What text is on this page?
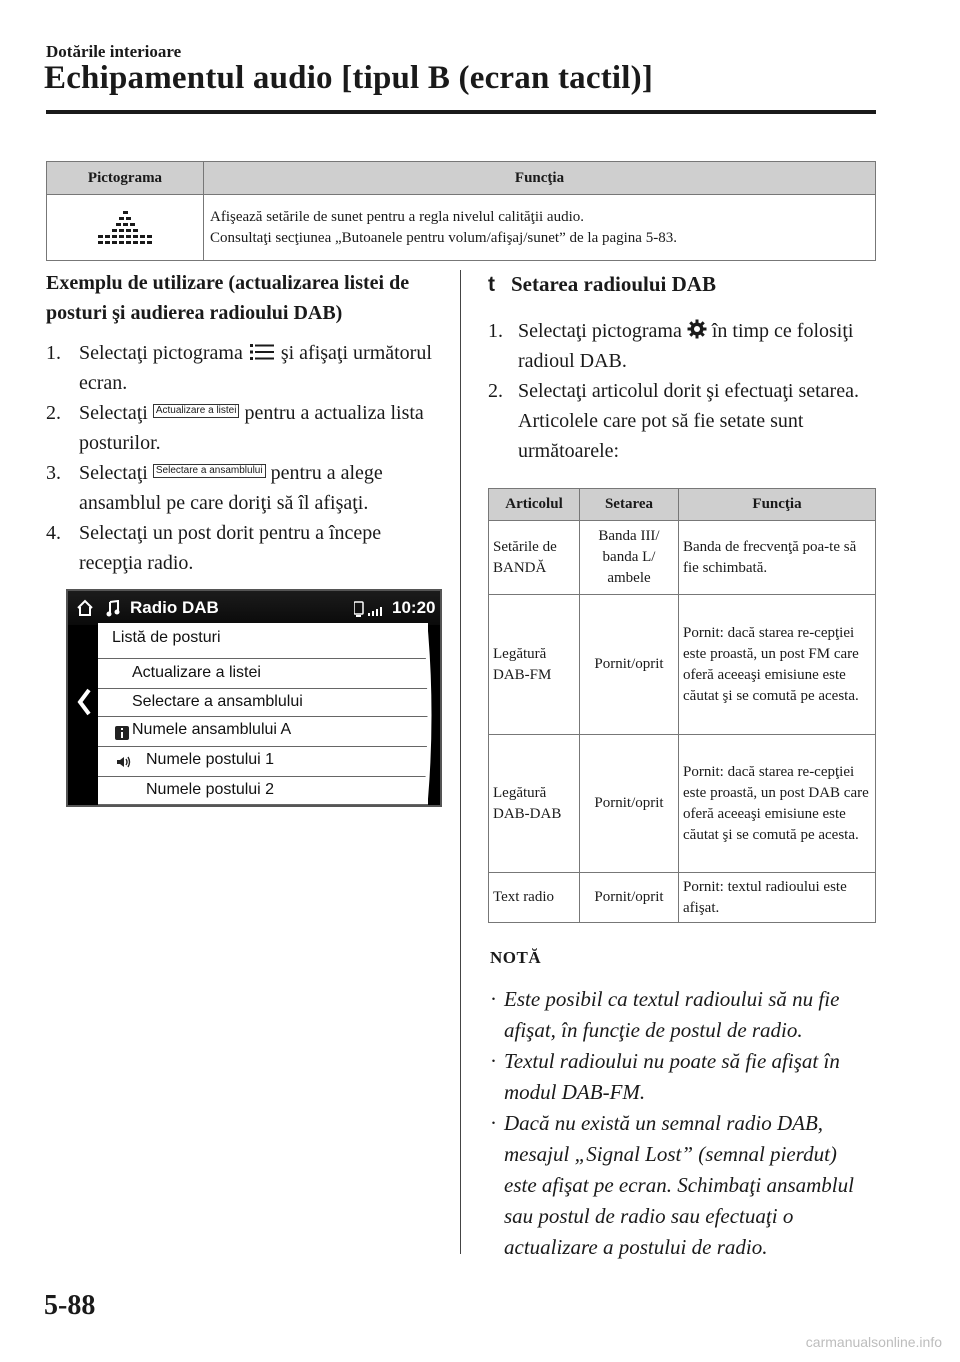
Dotările interioare
Echipamentul audio [tipul B (ecran tactil)]
Pictograma	Funcţia

	Afişează setările de sunet pentru a regla nivelul calităţii audio.
Consultaţi secţiunea „Butoanele pentru volum/afişaj/sunet” de la pagina 5-83.
Exemplu de utilizare (actualizarea listei de posturi şi audierea radioului DAB)
1. Selectaţi pictograma şi afişaţi următorul ecran.
2. Selectaţi Actualizare a listei pentru a actualiza lista posturilor.
3. Selectaţi Selectare a ansamblului pentru a alege ansamblul pe care doriţi să îl afişaţi.
4. Selectaţi un post dorit pentru a începe recepţia radio.
Radio DAB	10:20
Listă de posturi
Actualizare a listei
Selectare a ansamblului
Numele ansamblului A
Numele postului 1
Numele postului 2
t Setarea radioului DAB
1. Selectaţi pictograma în timp ce folosiţi radioul DAB.
2. Selectaţi articolul dorit şi efectuaţi setarea.
Articolele care pot să fie setate sunt următoarele:
Articolul	Setarea	Funcţia
Setările de BANDĂ	Banda III/ banda L/ ambele	Banda de frecvenţă poa-te să fie schimbată.
Legătură DAB-FM	Pornit/oprit	Pornit: dacă starea re-cepţiei este proastă, un post FM care oferă aceeaşi emisiune este căutat şi se comută pe acesta.
Legătură DAB-DAB	Pornit/oprit	Pornit: dacă starea re-cepţiei este proastă, un post DAB care oferă aceeaşi emisiune este căutat şi se comută pe acesta.
Text radio	Pornit/oprit	Pornit: textul radioului este afişat.
NOTĂ
· Este posibil ca textul radioului să nu fie afişat, în funcţie de postul de radio.
· Textul radioului nu poate să fie afişat în modul DAB-FM.
· Dacă nu există un semnal radio DAB, mesajul „Signal Lost” (semnal pierdut) este afişat pe ecran. Schimbaţi ansamblul sau postul de radio sau efectuaţi o actualizare a postului de radio.
5-88
carmanualsonline.info
